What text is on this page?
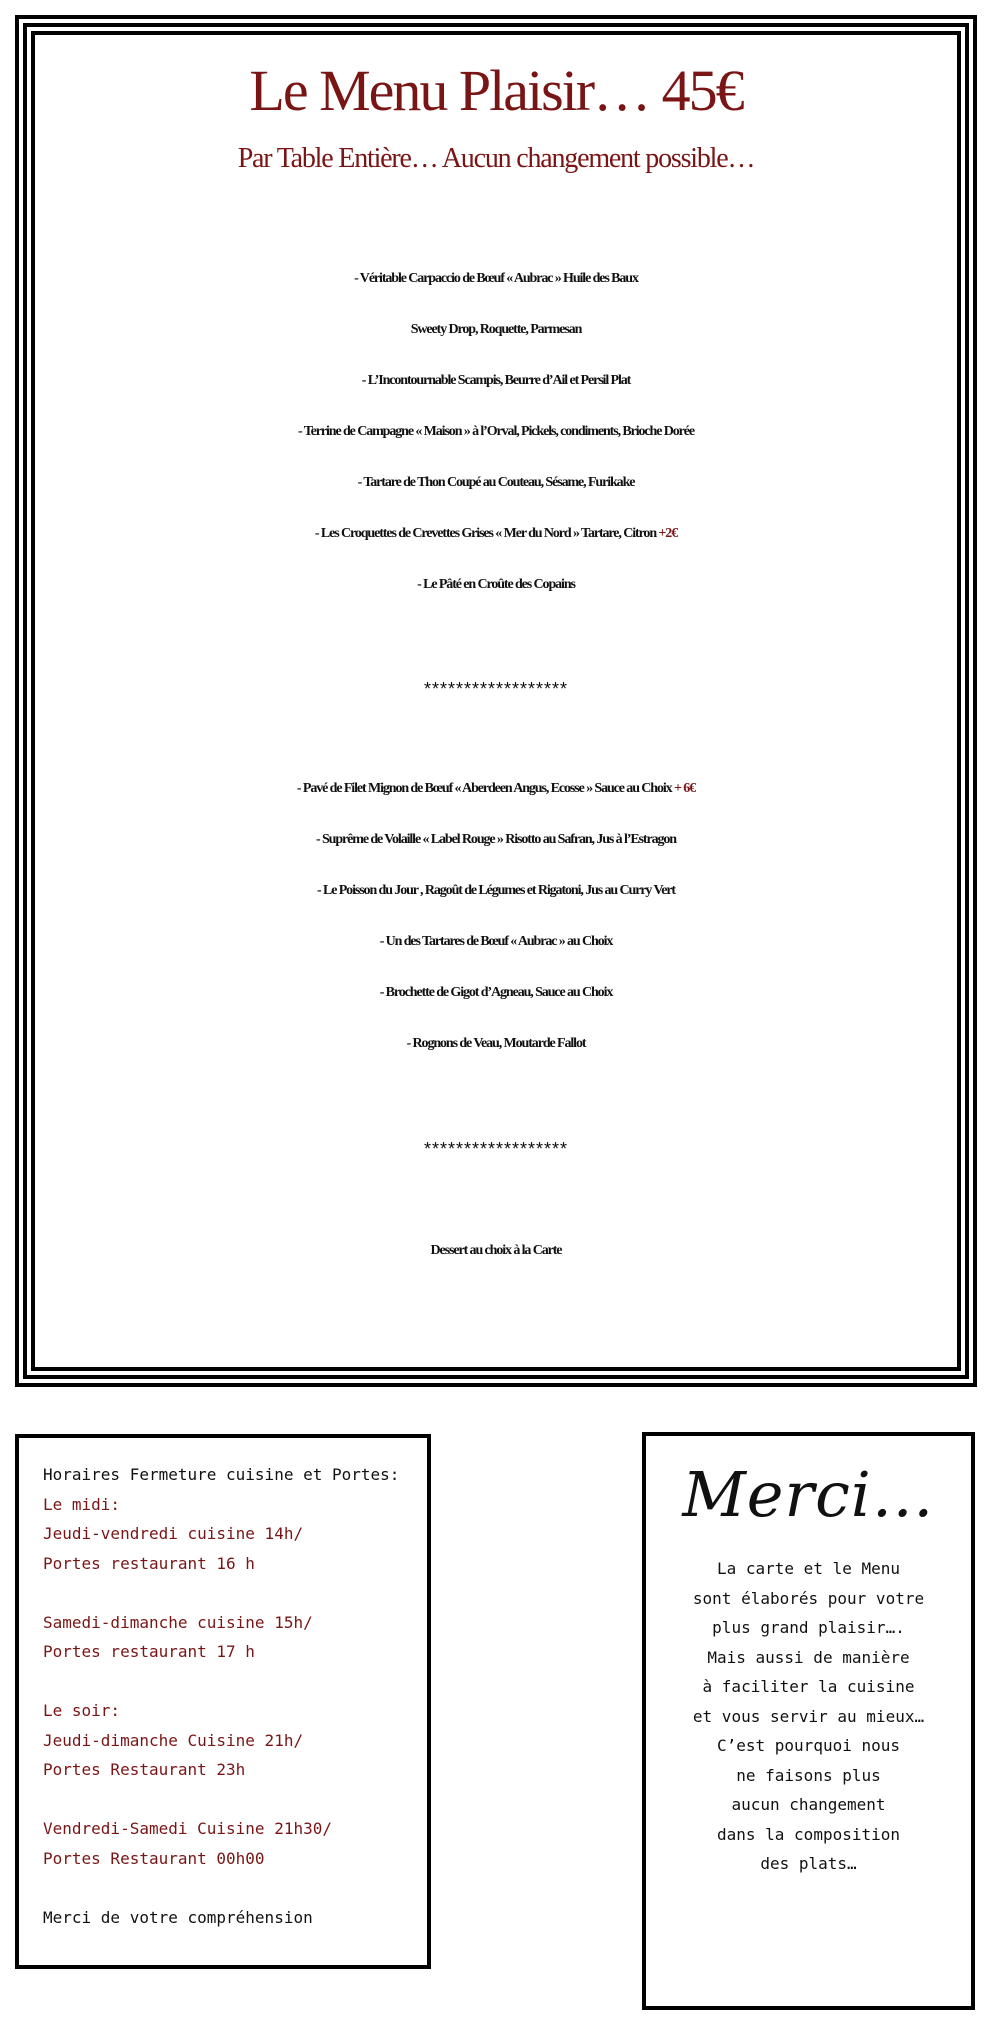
Le Menu Plaisir… 45€
Par Table Entière… Aucun changement possible…
- Véritable Carpaccio de Bœuf « Aubrac » Huile des Baux
Sweety Drop, Roquette, Parmesan
- L’Incontournable Scampis, Beurre d’Ail et Persil Plat
- Terrine de Campagne « Maison » à l’Orval, Pickels, condiments, Brioche Dorée
- Tartare de Thon Coupé au Couteau, Sésame, Furikake
- Les Croquettes de Crevettes Grises « Mer du Nord » Tartare, Citron +2€
- Le Pâté en Croûte des Copains
******************
- Pavé de Filet Mignon de Bœuf « Aberdeen Angus, Ecosse » Sauce au Choix + 6€
- Suprême de Volaille « Label Rouge » Risotto au Safran, Jus à l’Estragon
- Le Poisson du Jour , Ragoût de Légumes et Rigatoni, Jus au Curry Vert
- Un des Tartares de Bœuf « Aubrac » au Choix
- Brochette de Gigot d’Agneau, Sauce au Choix
- Rognons de Veau, Moutarde Fallot
******************
Dessert au choix à la Carte
Horaires Fermeture cuisine et Portes:
Le midi:
Jeudi-vendredi cuisine 14h/
Portes restaurant 16 h
Samedi-dimanche cuisine 15h/
Portes restaurant 17 h
Le soir:
Jeudi-dimanche Cuisine 21h/
Portes Restaurant 23h
Vendredi-Samedi Cuisine 21h30/
Portes Restaurant 00h00
Merci de votre compréhension
Merci…
La carte et le Menu
sont élaborés pour votre
plus grand plaisir….
Mais aussi de manière
à faciliter la cuisine
et vous servir au mieux…
C’est pourquoi nous
ne faisons plus
aucun changement
dans la composition
des plats…
